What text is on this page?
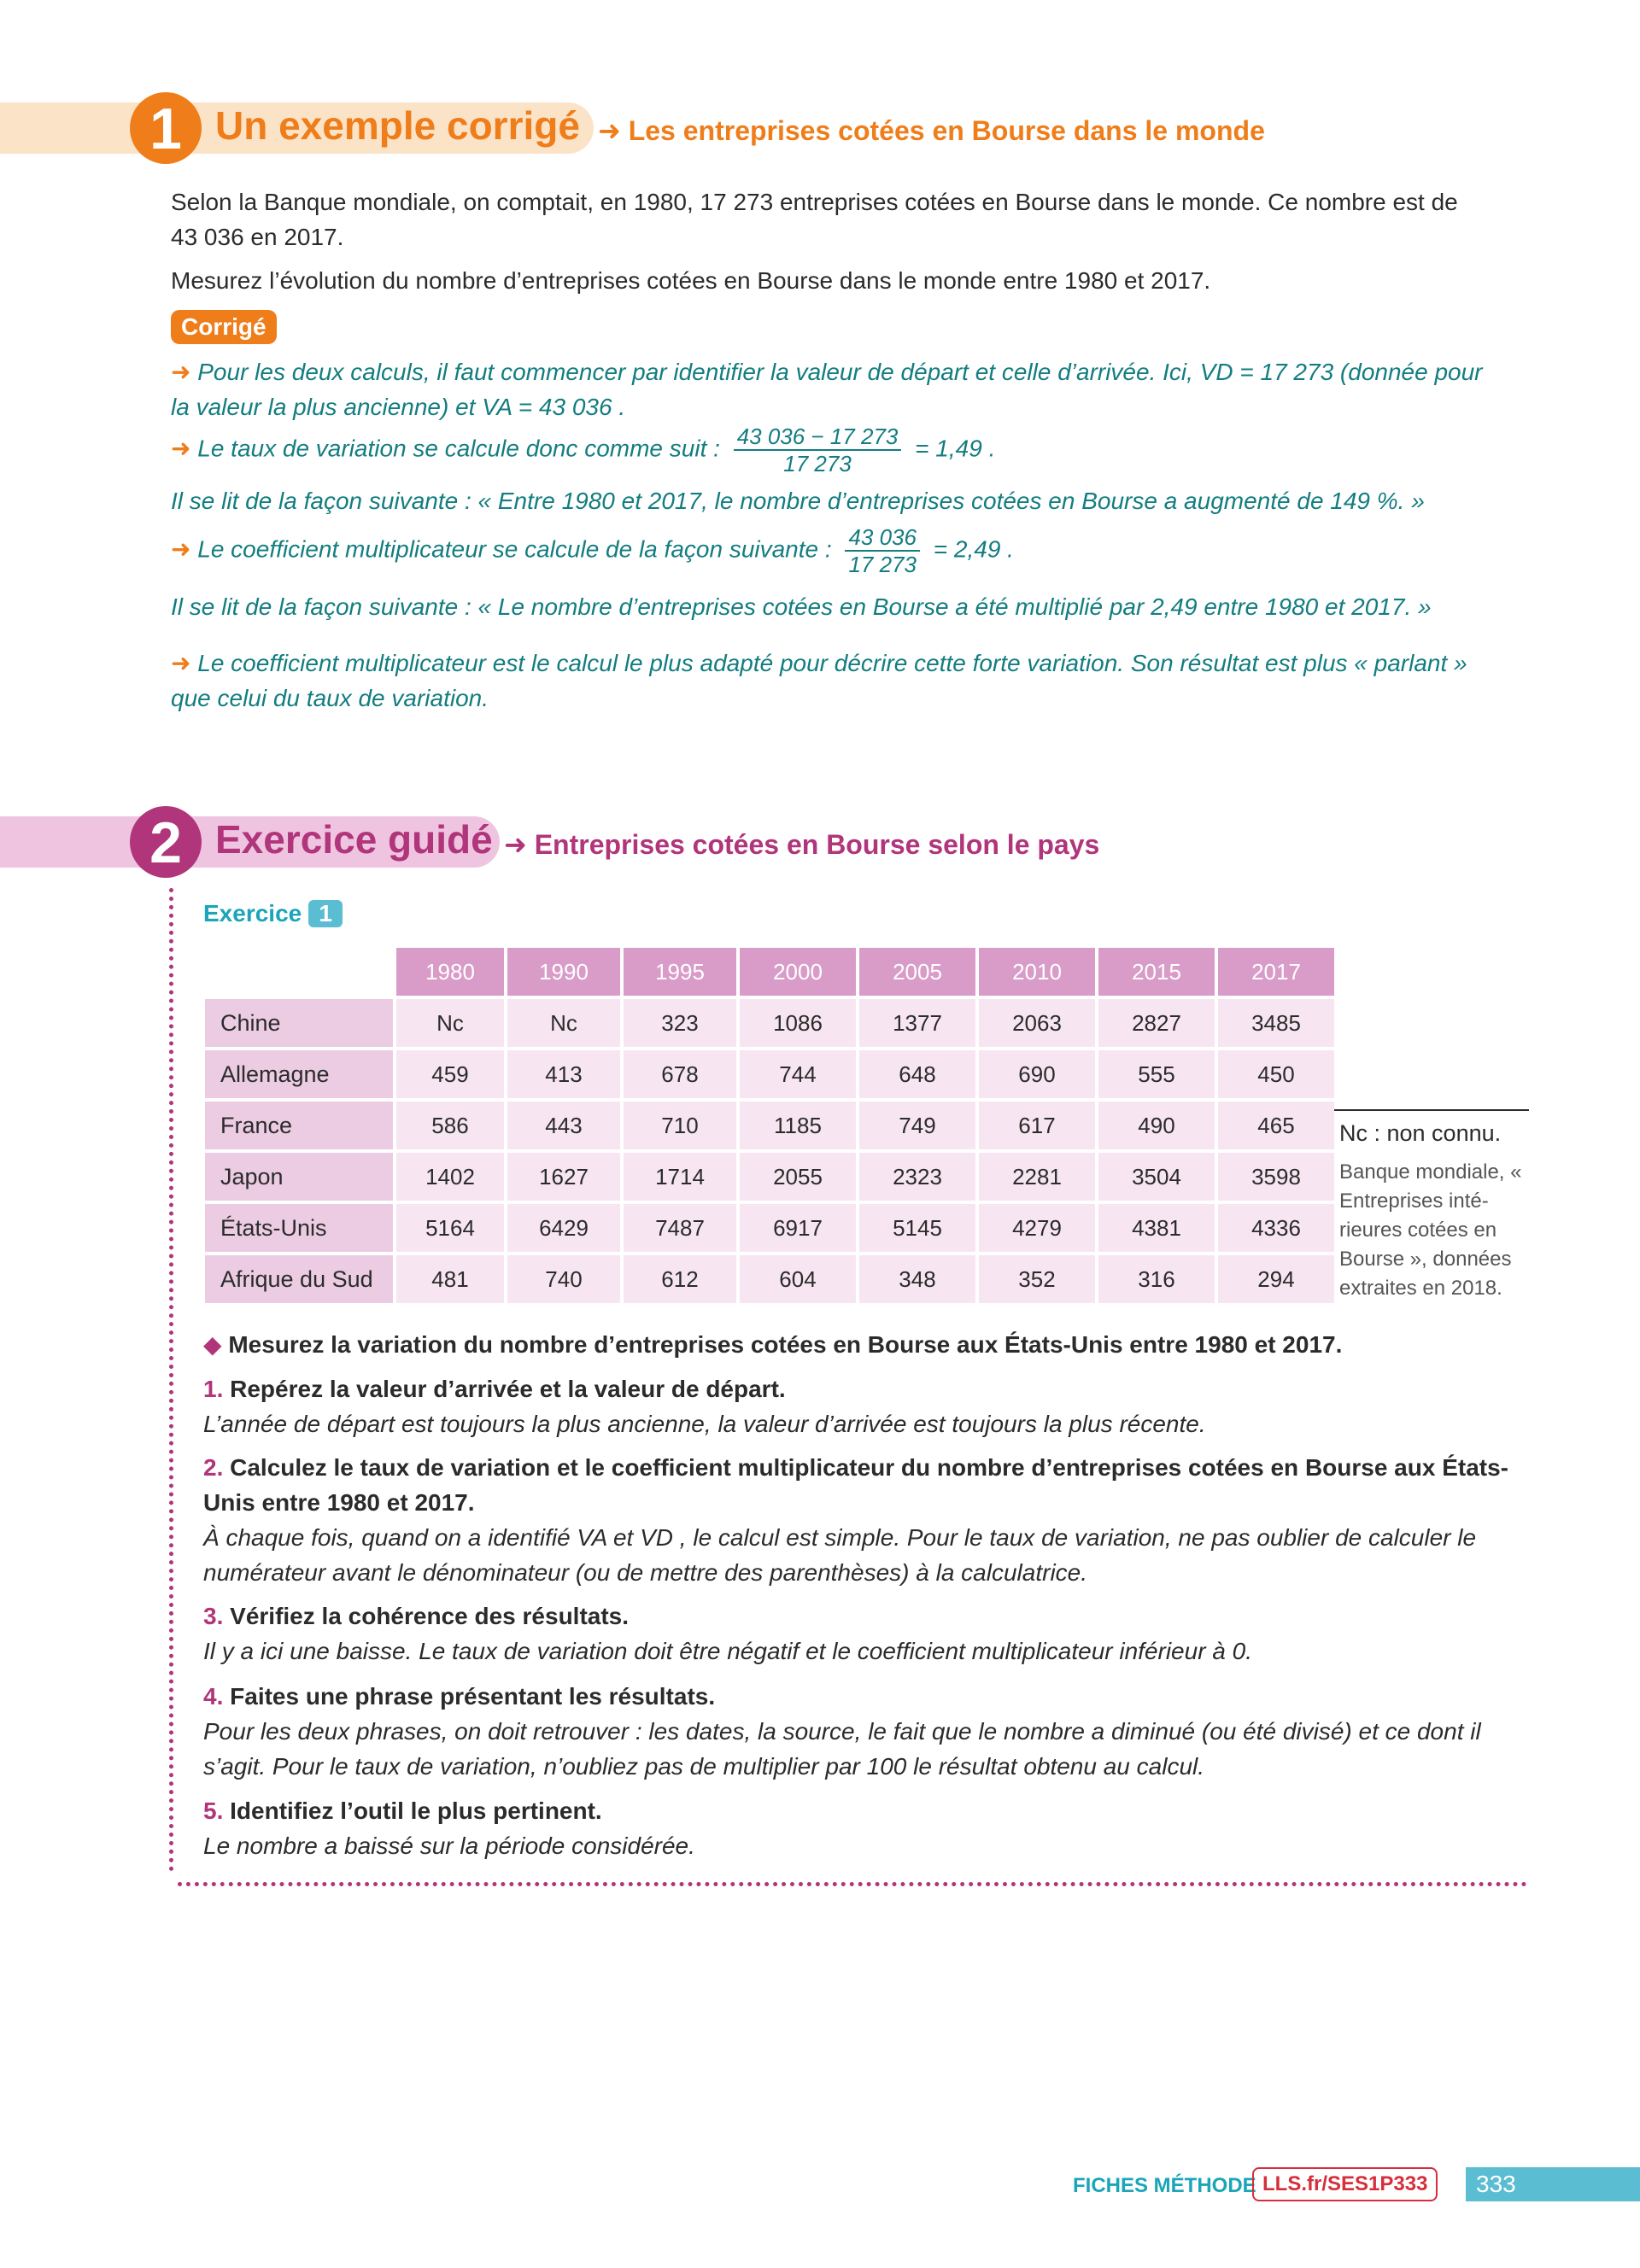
1 Un exemple corrigé ➜ Les entreprises cotées en Bourse dans le monde
Selon la Banque mondiale, on comptait, en 1980, 17 273 entreprises cotées en Bourse dans le monde. Ce nombre est de 43 036 en 2017.
Mesurez l’évolution du nombre d’entreprises cotées en Bourse dans le monde entre 1980 et 2017.
Corrigé
➜ Pour les deux calculs, il faut commencer par identifier la valeur de départ et celle d’arrivée. Ici, VD = 17 273 (donnée pour la valeur la plus ancienne) et VA = 43 036 .
➜ Le taux de variation se calcule donc comme suit : $\frac{43 036 - 17 273}{17 273} = 1,49$ .
Il se lit de la façon suivante : « Entre 1980 et 2017, le nombre d’entreprises cotées en Bourse a augmenté de 149 %. »
➜ Le coefficient multiplicateur se calcule de la façon suivante : $\frac{43 036}{17 273} = 2,49$ .
Il se lit de la façon suivante : « Le nombre d’entreprises cotées en Bourse a été multiplié par 2,49 entre 1980 et 2017. »
➜ Le coefficient multiplicateur est le calcul le plus adapté pour décrire cette forte variation. Son résultat est plus « parlant » que celui du taux de variation.
2 Exercice guidé ➜ Entreprises cotées en Bourse selon le pays
Exercice 1
	1980	1990	1995	2000	2005	2010	2015	2017
Chine	Nc	Nc	323	1086	1377	2063	2827	3485
Allemagne	459	413	678	744	648	690	555	450
France	586	443	710	1185	749	617	490	465
Japon	1402	1627	1714	2055	2323	2281	3504	3598
États-Unis	5164	6429	7487	6917	5145	4279	4381	4336
Afrique du Sud	481	740	612	604	348	352	316	294
Nc : non connu.
Banque mondiale, « Entreprises inté-rieures cotées en Bourse », données extraites en 2018.
◆ Mesurez la variation du nombre d’entreprises cotées en Bourse aux États-Unis entre 1980 et 2017.
1. Repérez la valeur d’arrivée et la valeur de départ.
L’année de départ est toujours la plus ancienne, la valeur d’arrivée est toujours la plus récente.
2. Calculez le taux de variation et le coefficient multiplicateur du nombre d’entreprises cotées en Bourse aux États-Unis entre 1980 et 2017.
À chaque fois, quand on a identifié VA et VD , le calcul est simple. Pour le taux de variation, ne pas oublier de calculer le numérateur avant le dénominateur (ou de mettre des parenthèses) à la calculatrice.
3. Vérifiez la cohérence des résultats.
Il y a ici une baisse. Le taux de variation doit être négatif et le coefficient multiplicateur inférieur à 0.
4. Faites une phrase présentant les résultats.
Pour les deux phrases, on doit retrouver : les dates, la source, le fait que le nombre a diminué (ou été divisé) et ce dont il s’agit. Pour le taux de variation, n’oubliez pas de multiplier par 100 le résultat obtenu au calcul.
5. Identifiez l’outil le plus pertinent.
Le nombre a baissé sur la période considérée.
FICHES MÉTHODE LLS.fr/SES1P333	333
